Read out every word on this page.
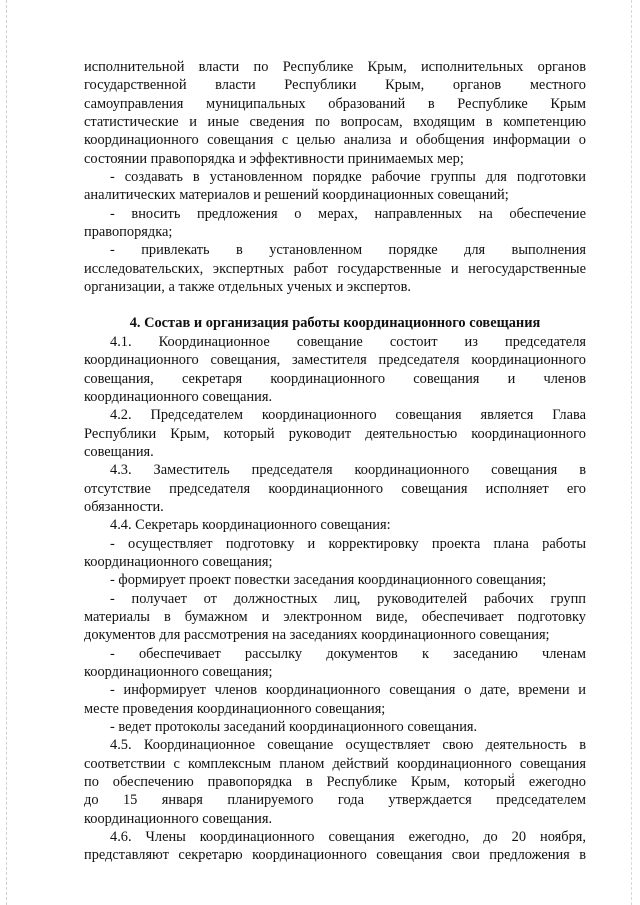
исполнительной власти по Республике Крым, исполнительных органов
государственной власти Республики Крым, органов местного
самоуправления муниципальных образований в Республике Крым
статистические и иные сведения по вопросам, входящим в компетенцию
координационного совещания с целью анализа и обобщения информации о
состоянии правопорядка и эффективности принимаемых мер;
- создавать в установленном порядке рабочие группы для подготовки
аналитических материалов и решений координационных совещаний;
- вносить предложения о мерах, направленных на обеспечение
правопорядка;
- привлекать в установленном порядке для выполнения
исследовательских, экспертных работ государственные и негосударственные
организации, а также отдельных ученых и экспертов.
4. Состав и организация работы координационного совещания
4.1. Координационное совещание состоит из председателя
координационного совещания, заместителя председателя координационного
совещания, секретаря координационного совещания и членов
координационного совещания.
4.2. Председателем координационного совещания является Глава
Республики Крым, который руководит деятельностью координационного
совещания.
4.3. Заместитель председателя координационного совещания в
отсутствие председателя координационного совещания исполняет его
обязанности.
4.4. Секретарь координационного совещания:
- осуществляет подготовку и корректировку проекта плана работы
координационного совещания;
- формирует проект повестки заседания координационного совещания;
- получает от должностных лиц, руководителей рабочих групп
материалы в бумажном и электронном виде, обеспечивает подготовку
документов для рассмотрения на заседаниях координационного совещания;
- обеспечивает рассылку документов к заседанию членам
координационного совещания;
- информирует членов координационного совещания о дате, времени и
месте проведения координационного совещания;
- ведет протоколы заседаний координационного совещания.
4.5. Координационное совещание осуществляет свою деятельность в
соответствии с комплексным планом действий координационного совещания
по обеспечению правопорядка в Республике Крым, который ежегодно
до 15 января планируемого года утверждается председателем
координационного совещания.
4.6. Члены координационного совещания ежегодно, до 20 ноября,
представляют секретарю координационного совещания свои предложения в
